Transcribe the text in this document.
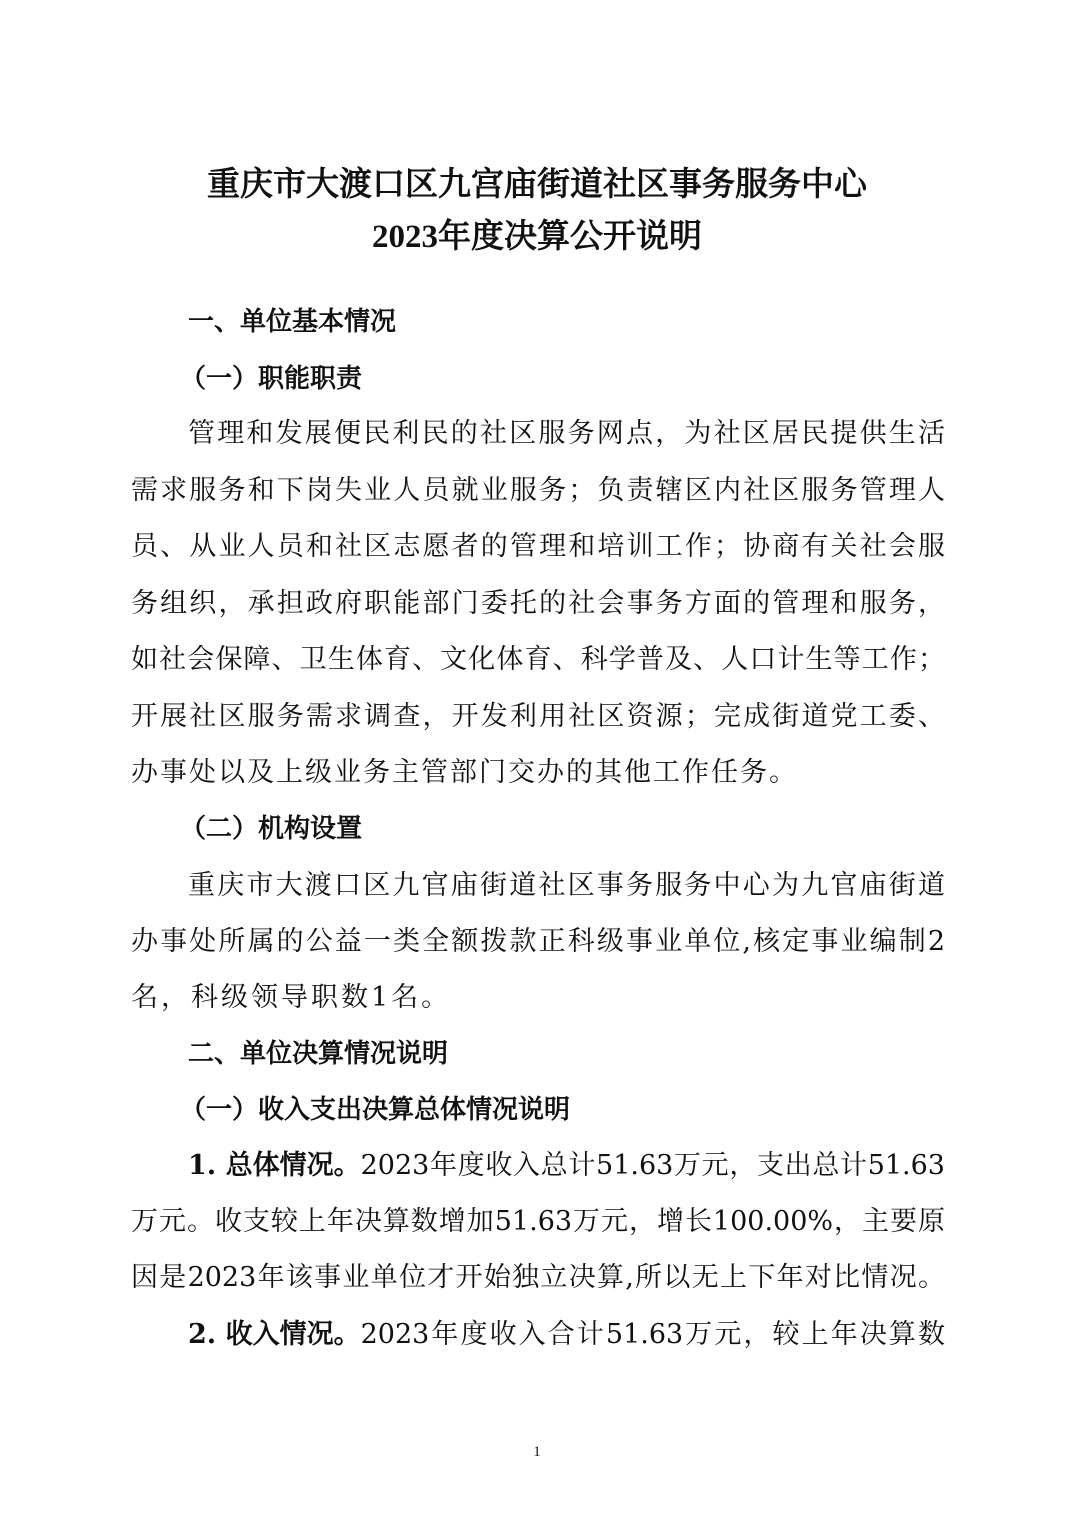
重庆市大渡口区九宫庙街道社区事务服务中心
2023年度决算公开说明
一、单位基本情况
（一）职能职责
管理和发展便民利民的社区服务网点，为社区居民提供生活
需求服务和下岗失业人员就业服务；负责辖区内社区服务管理人
员、从业人员和社区志愿者的管理和培训工作；协商有关社会服
务组织，承担政府职能部门委托的社会事务方面的管理和服务，
如社会保障、卫生体育、文化体育、科学普及、人口计生等工作；
开展社区服务需求调查，开发利用社区资源；完成街道党工委、
办事处以及上级业务主管部门交办的其他工作任务。
（二）机构设置
重庆市大渡口区九官庙街道社区事务服务中心为九官庙街道
办事处所属的公益一类全额拨款正科级事业单位,核定事业编制2
名，科级领导职数1名。
二、单位决算情况说明
（一）收入支出决算总体情况说明
1. 总体情况。 2023年度收入总计51.63万元，支出总计51.63
万元。收支较上年决算数增加51.63万元，增长100.00%，主要原
因是2023年该事业单位才开始独立决算,所以无上下年对比情况。
2. 收入情况。 2023年度收入合计51.63万元，较上年决算数
1
